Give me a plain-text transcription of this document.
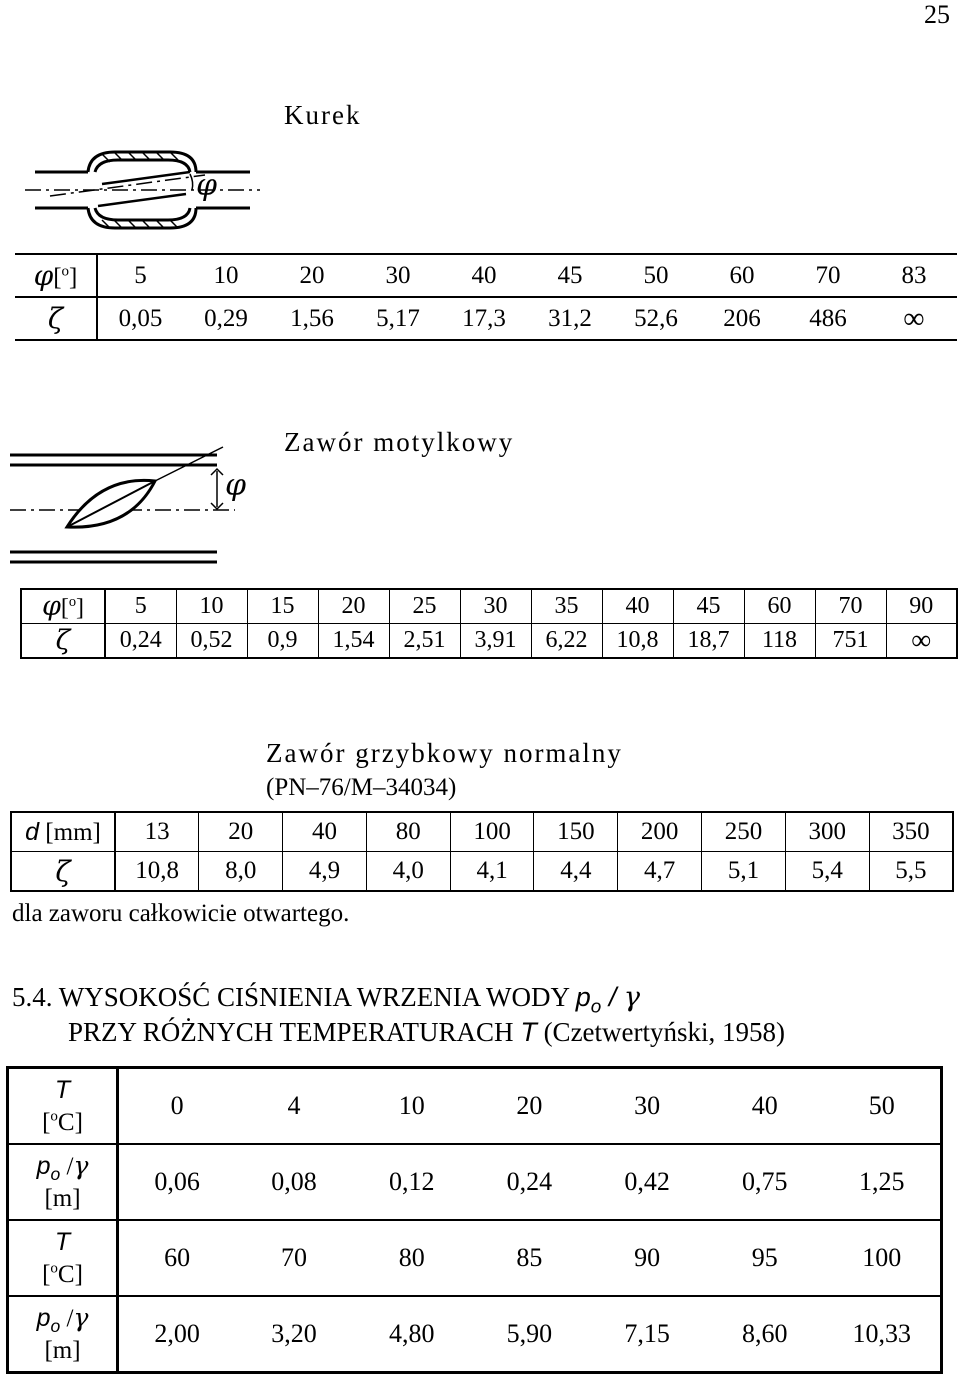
25
Kurek
φ
φ[$^o$]	5	10	20	30	40	45	50	60	70	83
ζ	0,05	0,29	1,56	5,17	17,3	31,2	52,6	206	486	∞
Zawór motylkowy
φ
φ[$^o$]	5	10	15	20	25	30	35	40	45	60	70	90
ζ	0,24	0,52	0,9	1,54	2,51	3,91	6,22	10,8	18,7	118	751	∞
Zawór grzybkowy normalny
(PN–76/M–34034)
d [mm]	13	20	40	80	100	150	200	250	300	350
ζ	10,8	8,0	4,9	4,0	4,1	4,4	4,7	5,1	5,4	5,5
dla zaworu całkowicie otwartego.
5.4. WYSOKOŚĆ CIŚNIENIA WRZENIA WODY $p_o$ / γ
PRZY RÓŻNYCH TEMPERATURACH T (Czetwertyński, 1958)
T
[$^o$C]	0	4	10	20	30	40	50
$p_o$ /γ
[m]	0,06	0,08	0,12	0,24	0,42	0,75	1,25
T
[$^o$C]	60	70	80	85	90	95	100
$p_o$ /γ
[m]	2,00	3,20	4,80	5,90	7,15	8,60	10,33
